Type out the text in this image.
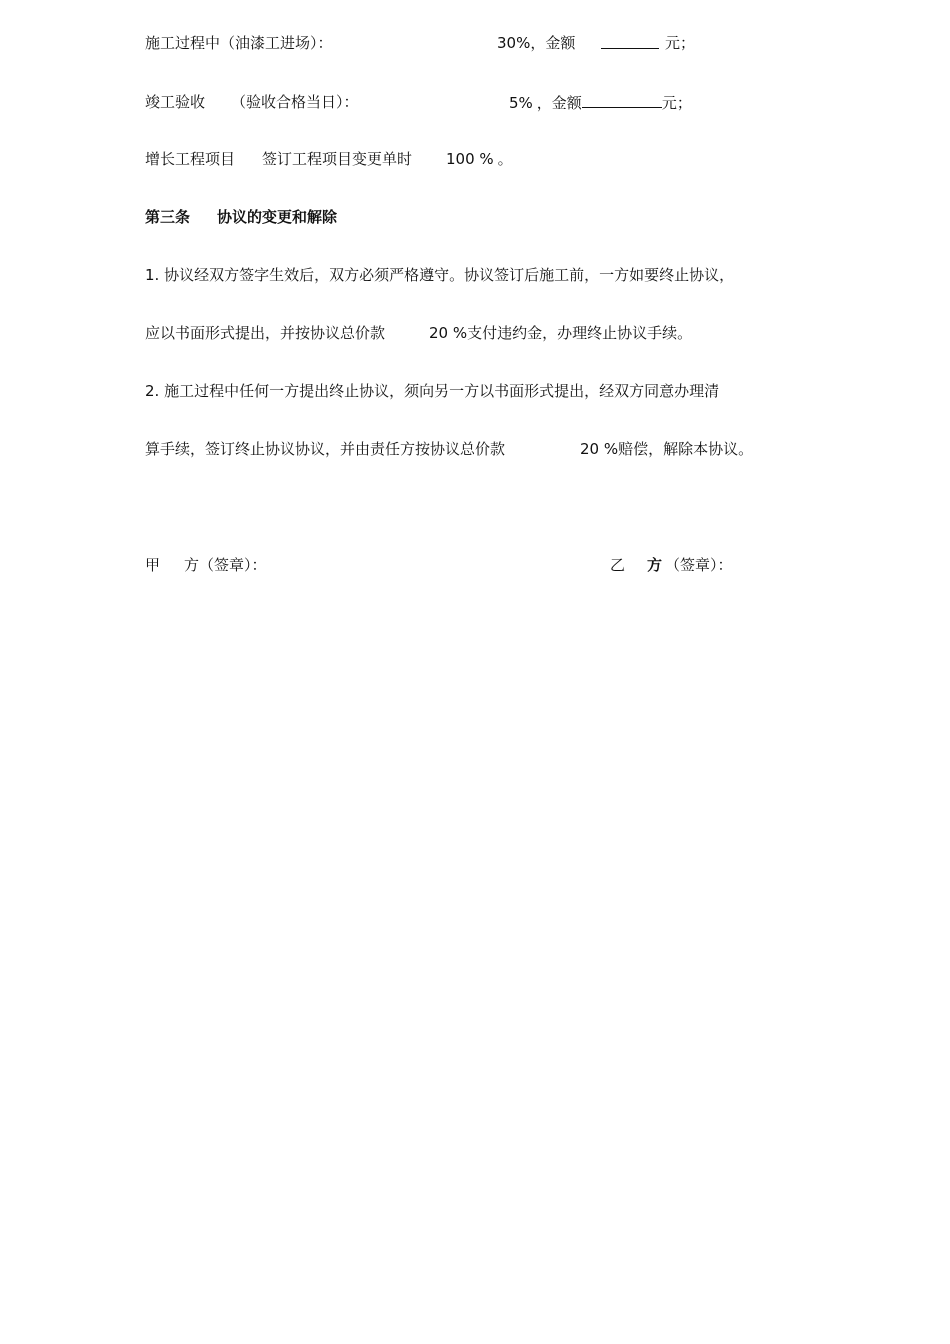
施工过程中（油漆工进场）：	30%，金额	元；
竣工验收 （验收合格当日）：	5% ，金额	元；
增长工程项目 签订工程项目变更单时 100 % 。
第三条 协议的变更和解除
1. 协议经双方签字生效后，双方必须严格遵守。协议签订后施工前，一方如要终止协议，
应以书面形式提出，并按协议总价款	20 %支付违约金，办理终止协议手续。
2. 施工过程中任何一方提出终止协议，须向另一方以书面形式提出，经双方同意办理清
算手续，签订终止协议协议，并由责任方按协议总价款	20 %赔偿，解除本协议。
甲 方（签章）：	乙 方 （签章）：
